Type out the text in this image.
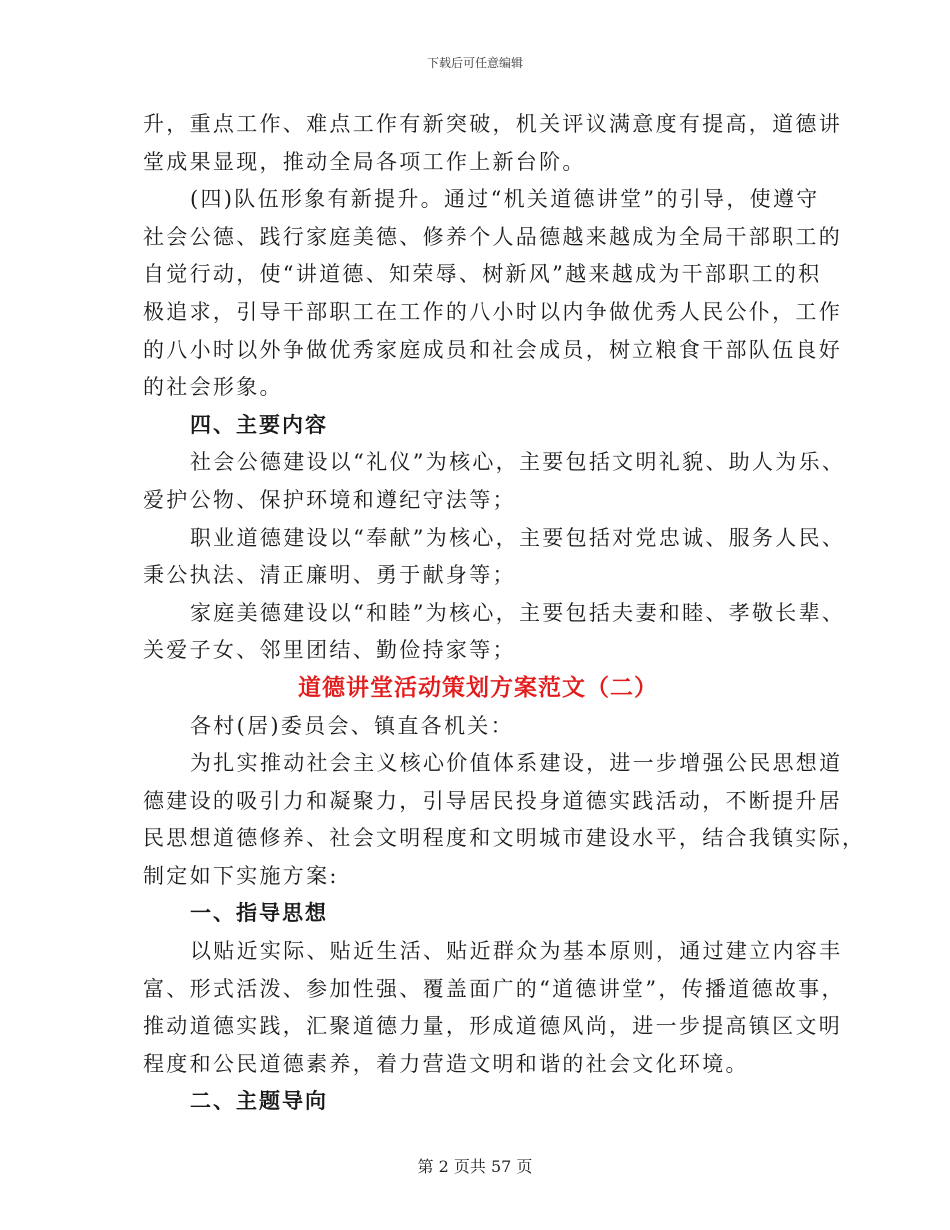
下载后可任意编辑
升，重点工作、难点工作有新突破，机关评议满意度有提高，道德讲
堂成果显现，推动全局各项工作上新台阶。
(四)队伍形象有新提升。通过“机关道德讲堂”的引导，使遵守
社会公德、践行家庭美德、修养个人品德越来越成为全局干部职工的
自觉行动，使“讲道德、知荣辱、树新风”越来越成为干部职工的积
极追求，引导干部职工在工作的八小时以内争做优秀人民公仆，工作
的八小时以外争做优秀家庭成员和社会成员，树立粮食干部队伍良好
的社会形象。
四、主要内容
社会公德建设以“礼仪”为核心，主要包括文明礼貌、助人为乐、
爱护公物、保护环境和遵纪守法等；
职业道德建设以“奉献”为核心，主要包括对党忠诚、服务人民、
秉公执法、清正廉明、勇于献身等；
家庭美德建设以“和睦”为核心，主要包括夫妻和睦、孝敬长辈、
关爱子女、邻里团结、勤俭持家等；
道德讲堂活动策划方案范文（二）
各村(居)委员会、镇直各机关：
为扎实推动社会主义核心价值体系建设，进一步增强公民思想道
德建设的吸引力和凝聚力，引导居民投身道德实践活动，不断提升居
民思想道德修养、社会文明程度和文明城市建设水平，结合我镇实际，
制定如下实施方案:
一、指导思想
以贴近实际、贴近生活、贴近群众为基本原则，通过建立内容丰
富、形式活泼、参加性强、覆盖面广的“道德讲堂”，传播道德故事，
推动道德实践，汇聚道德力量，形成道德风尚，进一步提高镇区文明
程度和公民道德素养，着力营造文明和谐的社会文化环境。
二、主题导向
第 2 页共 57 页
